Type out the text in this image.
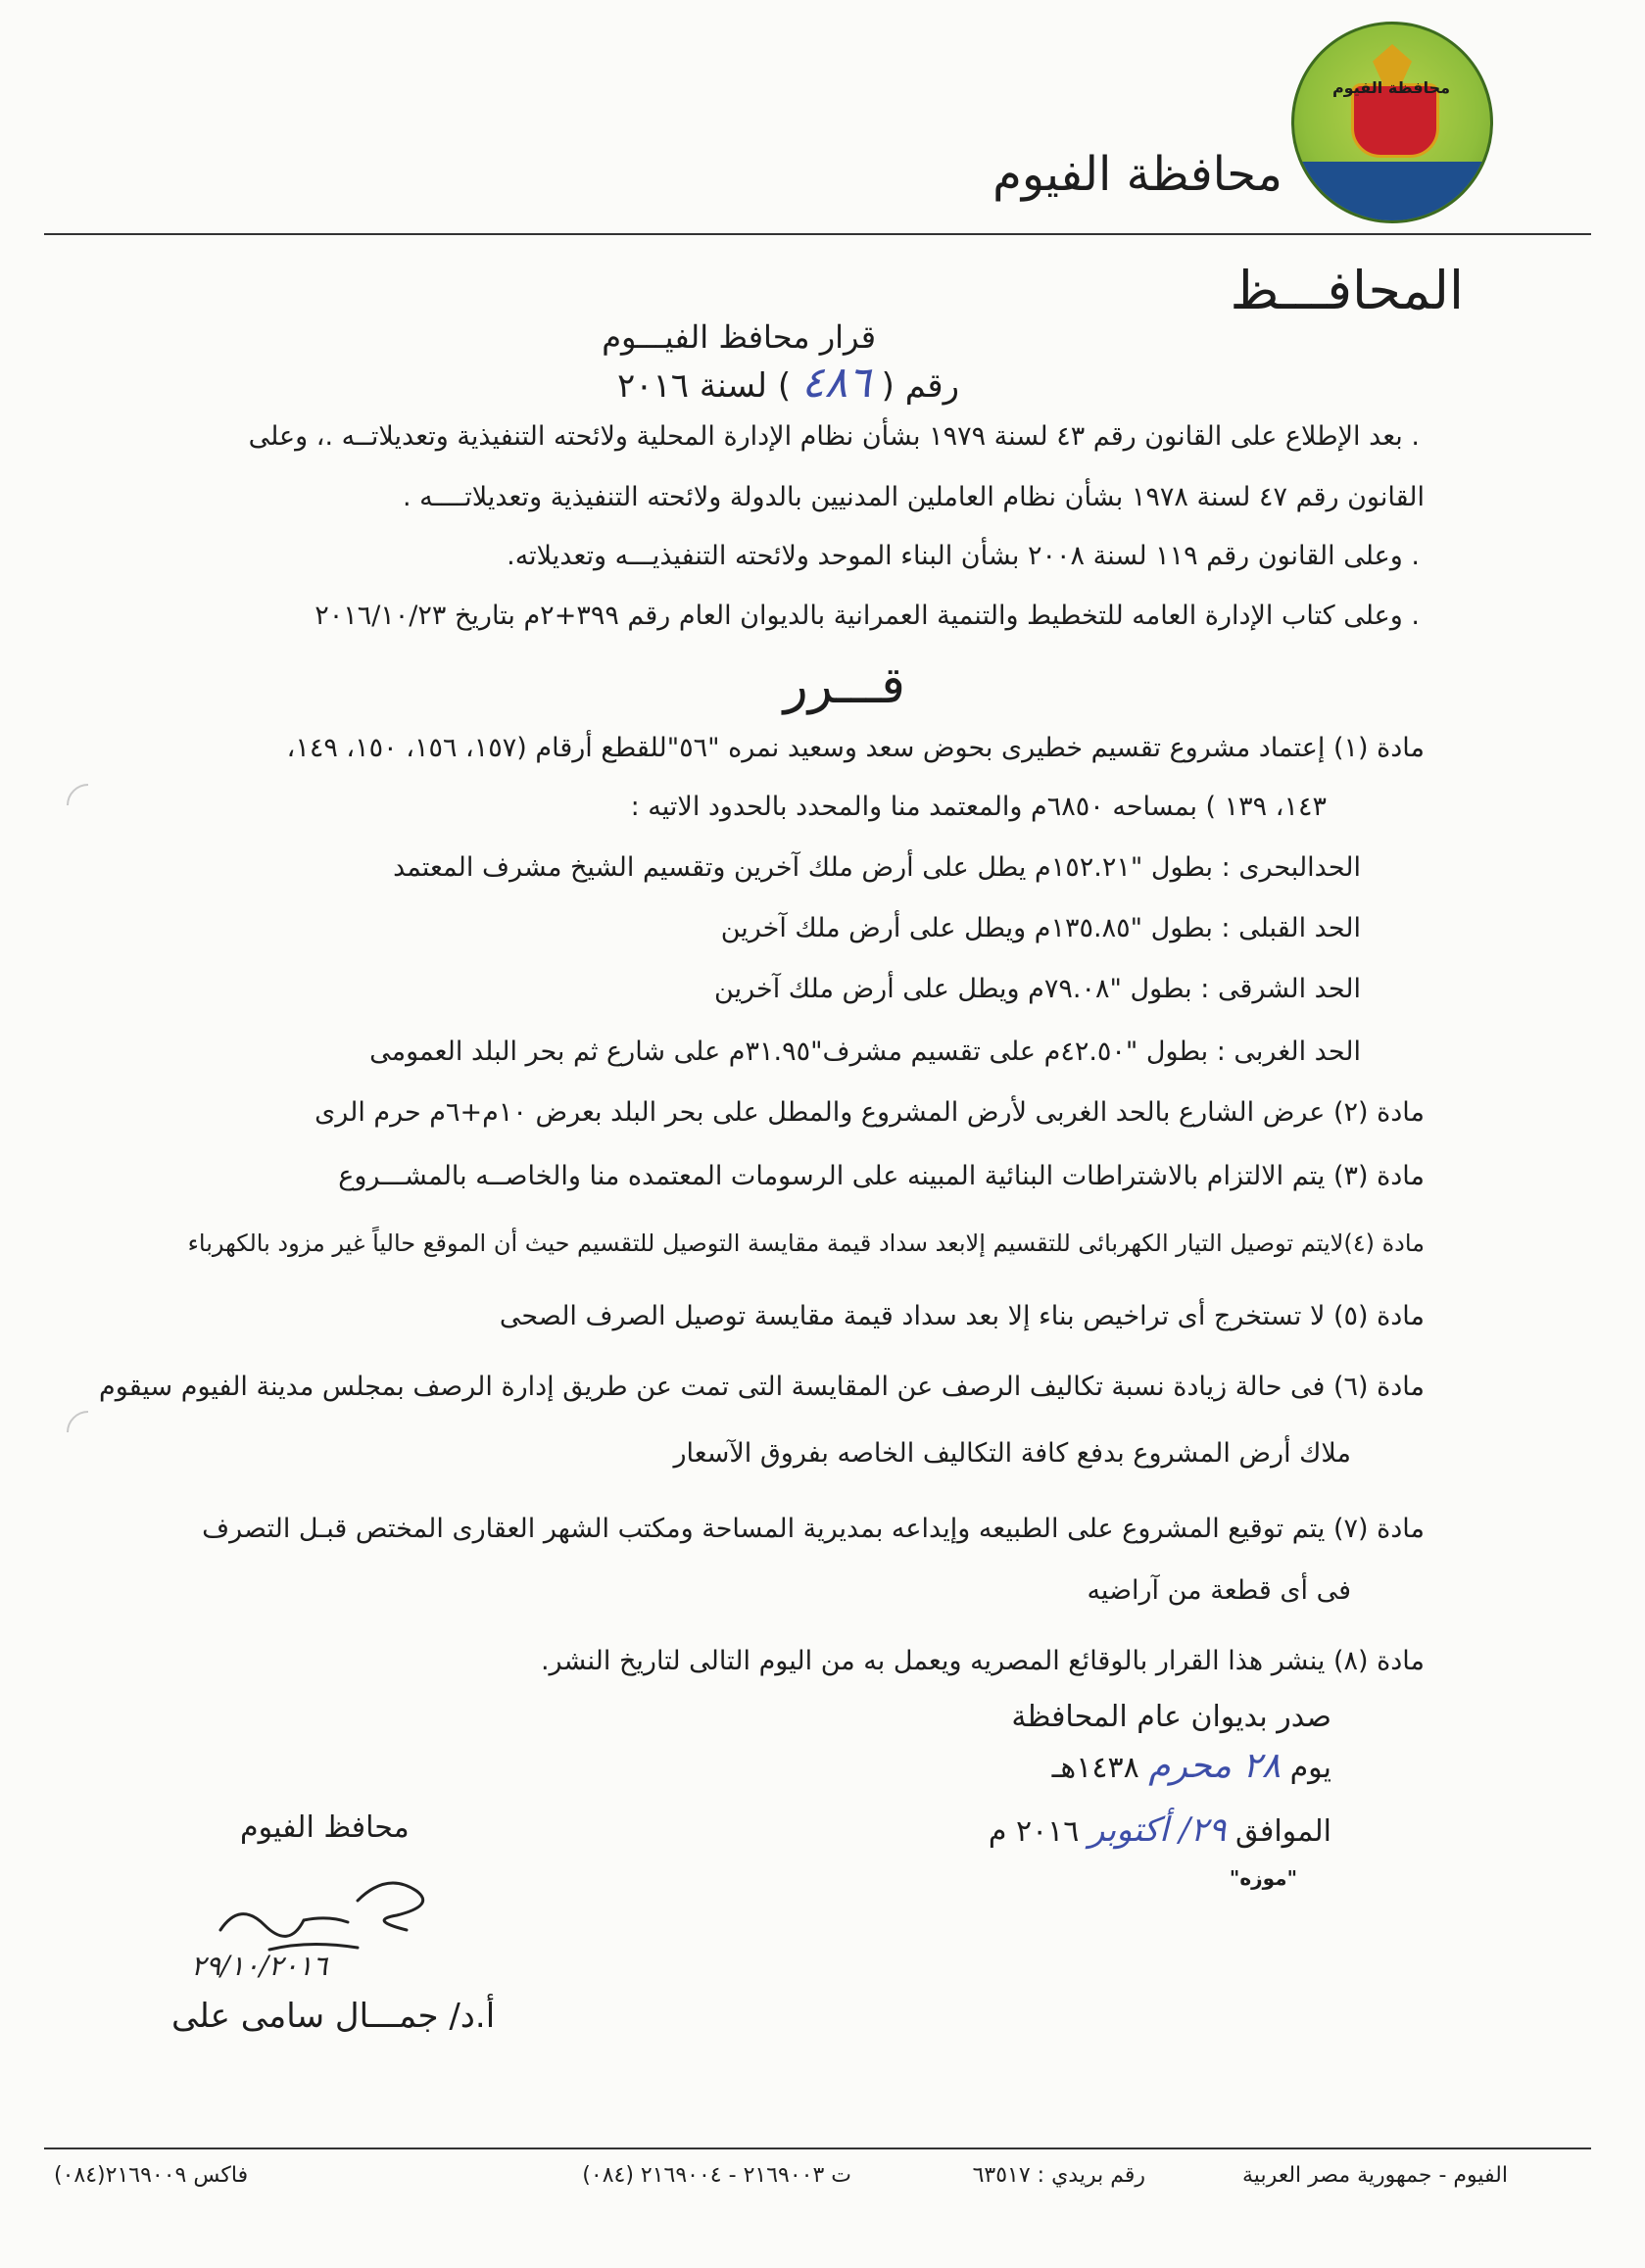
محافظة الفيوم
محافظة الفيوم
المحافـــظ
قرار محافظ الفيـــوم
رقم ( ٤٨٦ ) لسنة ٢٠١٦
. بعد الإطلاع على القانون رقم ٤٣ لسنة ١٩٧٩ بشأن نظام الإدارة المحلية ولائحته التنفيذية وتعديلاتــه .، وعلى
القانون رقم ٤٧ لسنة ١٩٧٨ بشأن نظام العاملين المدنيين بالدولة ولائحته التنفيذية وتعديلاتــــه .
. وعلى القانون رقم ١١٩ لسنة ٢٠٠٨ بشأن البناء الموحد ولائحته التنفيذيـــه وتعديلاته.
. وعلى كتاب الإدارة العامه للتخطيط والتنمية العمرانية بالديوان العام رقم ٣٩٩+٢م بتاريخ ٢٠١٦/١٠/٢٣
قـــرر
مادة (١) إعتماد مشروع تقسيم خطيرى بحوض سعد وسعيد نمره "٥٦"للقطع أرقام (١٥٧، ١٥٦، ١٥٠، ١٤٩،
١٤٣، ١٣٩ ) بمساحه ٦٨٥٠م والمعتمد منا والمحدد بالحدود الاتيه :
الحدالبحرى : بطول "١٥٢.٢١م يطل على أرض ملك آخرين وتقسيم الشيخ مشرف المعتمد
الحد القبلى : بطول "١٣٥.٨٥م ويطل على أرض ملك آخرين
الحد الشرقى : بطول "٧٩.٠٨م ويطل على أرض ملك آخرين
الحد الغربى : بطول "٤٢.٥٠م على تقسيم مشرف"٣١.٩٥م على شارع ثم بحر البلد العمومى
مادة (٢) عرض الشارع بالحد الغربى لأرض المشروع والمطل على بحر البلد بعرض ١٠م+٦م حرم الرى
مادة (٣) يتم الالتزام بالاشتراطات البنائية المبينه على الرسومات المعتمده منا والخاصــه بالمشـــروع
مادة (٤)لايتم توصيل التيار الكهربائى للتقسيم إلابعد سداد قيمة مقايسة التوصيل للتقسيم حيث أن الموقع حالياً غير مزود بالكهرباء
مادة (٥) لا تستخرج أى تراخيص بناء إلا بعد سداد قيمة مقايسة توصيل الصرف الصحى
مادة (٦) فى حالة زيادة نسبة تكاليف الرصف عن المقايسة التى تمت عن طريق إدارة الرصف بمجلس مدينة الفيوم سيقوم
ملاك أرض المشروع بدفع كافة التكاليف الخاصه بفروق الآسعار
مادة (٧) يتم توقيع المشروع على الطبيعه وإيداعه بمديرية المساحة ومكتب الشهر العقارى المختص قبـل التصرف
فى أى قطعة من آراضيه
مادة (٨) ينشر هذا القرار بالوقائع المصريه ويعمل به من اليوم التالى لتاريخ النشر.
صدر بديوان عام المحافظة
يوم ٢٨ محرم ١٤٣٨هـ
الموافق ٢٩/ أكتوبر ٢٠١٦ م
"موزه"
محافظ الفيوم
٢٩/١٠/٢٠١٦
أ.د/ جمـــال سامى على
الفيوم - جمهورية مصر العربية
رقم بريدي : ٦٣٥١٧
ت ٢١٦٩٠٠٣ - ٢١٦٩٠٠٤ (٠٨٤)
فاكس ٢١٦٩٠٠٩(٠٨٤)
